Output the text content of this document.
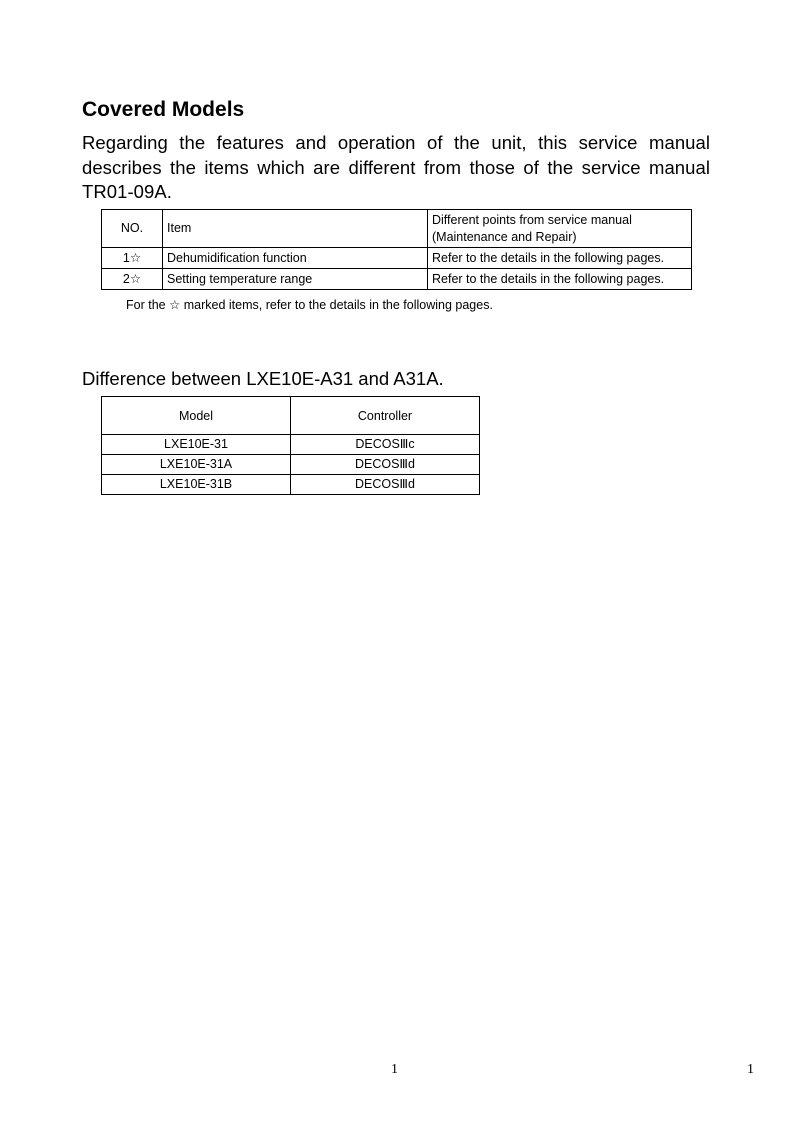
Covered Models

Regarding the features and operation of the unit, this service manual describes the items which are different from those of the service manual TR01-09A.

NO.	Item	Different points from service manual
(Maintenance and Repair)

1☆	Dehumidification function	Refer to the details in the following pages.
2☆	Setting temperature range	Refer to the details in the following pages.

For the ☆ marked items, refer to the details in the following pages.

Difference between LXE10E-A31 and A31A.
Model	Controller
LXE10E-31	DECOSⅢc
LXE10E-31A	DECOSⅢd
LXE10E-31B	DECOSⅢd
1	1
